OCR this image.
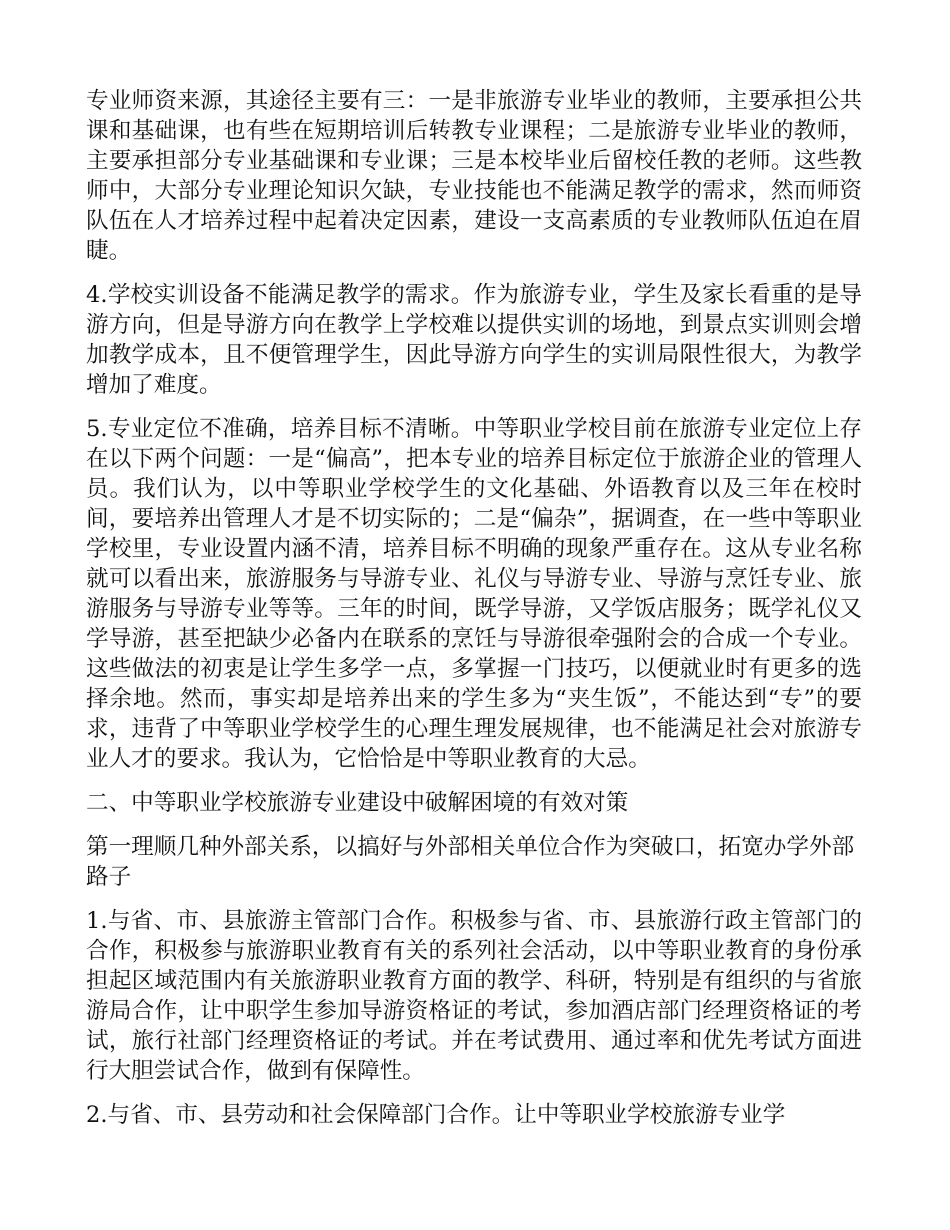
专业师资来源，其途径主要有三：一是非旅游专业毕业的教师，主要承担公共课和基础课，也有些在短期培训后转教专业课程；二是旅游专业毕业的教师，主要承担部分专业基础课和专业课；三是本校毕业后留校任教的老师。这些教师中，大部分专业理论知识欠缺，专业技能也不能满足教学的需求，然而师资队伍在人才培养过程中起着决定因素，建设一支高素质的专业教师队伍迫在眉睫。

4.学校实训设备不能满足教学的需求。作为旅游专业，学生及家长看重的是导游方向，但是导游方向在教学上学校难以提供实训的场地，到景点实训则会增加教学成本，且不便管理学生，因此导游方向学生的实训局限性很大，为教学增加了难度。

5.专业定位不准确，培养目标不清晰。中等职业学校目前在旅游专业定位上存在以下两个问题：一是“偏高”，把本专业的培养目标定位于旅游企业的管理人员。我们认为，以中等职业学校学生的文化基础、外语教育以及三年在校时间，要培养出管理人才是不切实际的；二是“偏杂”，据调查，在一些中等职业学校里，专业设置内涵不清，培养目标不明确的现象严重存在。这从专业名称就可以看出来，旅游服务与导游专业、礼仪与导游专业、导游与烹饪专业、旅游服务与导游专业等等。三年的时间，既学导游，又学饭店服务；既学礼仪又学导游，甚至把缺少必备内在联系的烹饪与导游很牵强附会的合成一个专业。这些做法的初衷是让学生多学一点，多掌握一门技巧，以便就业时有更多的选择余地。然而，事实却是培养出来的学生多为“夹生饭”，不能达到“专”的要求，违背了中等职业学校学生的心理生理发展规律，也不能满足社会对旅游专业人才的要求。我认为，它恰恰是中等职业教育的大忌。

二、中等职业学校旅游专业建设中破解困境的有效对策

第一理顺几种外部关系，以搞好与外部相关单位合作为突破口，拓宽办学外部路子

1.与省、市、县旅游主管部门合作。积极参与省、市、县旅游行政主管部门的合作，积极参与旅游职业教育有关的系列社会活动，以中等职业教育的身份承担起区域范围内有关旅游职业教育方面的教学、科研，特别是有组织的与省旅游局合作，让中职学生参加导游资格证的考试，参加酒店部门经理资格证的考试，旅行社部门经理资格证的考试。并在考试费用、通过率和优先考试方面进行大胆尝试合作，做到有保障性。

2.与省、市、县劳动和社会保障部门合作。让中等职业学校旅游专业学
